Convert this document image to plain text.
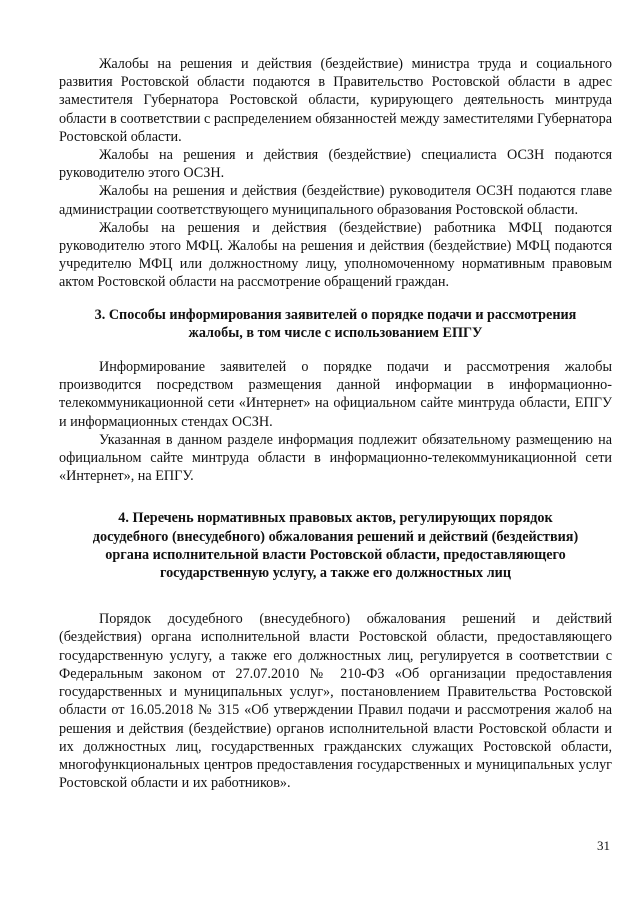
Жалобы на решения и действия (бездействие) министра труда и социального развития Ростовской области подаются в Правительство Ростовской области в адрес заместителя Губернатора Ростовской области, курирующего деятельность минтруда области в соответствии с распределением обязанностей между заместителями Губернатора Ростовской области.

Жалобы на решения и действия (бездействие) специалиста ОСЗН подаются руководителю этого ОСЗН.

Жалобы на решения и действия (бездействие) руководителя ОСЗН подаются главе администрации соответствующего муниципального образования Ростовской области.

Жалобы на решения и действия (бездействие) работника МФЦ подаются руководителю этого МФЦ. Жалобы на решения и действия (бездействие) МФЦ подаются учредителю МФЦ или должностному лицу, уполномоченному нормативным правовым актом Ростовской области на рассмотрение обращений граждан.

3. Способы информирования заявителей о порядке подачи и рассмотрения
жалобы, в том числе с использованием ЕПГУ

Информирование заявителей о порядке подачи и рассмотрения жалобы производится посредством размещения данной информации в информационно-телекоммуникационной сети «Интернет» на официальном сайте минтруда области, ЕПГУ и информационных стендах ОСЗН.

Указанная в данном разделе информация подлежит обязательному размещению на официальном сайте минтруда области в информационно-телекоммуникационной сети «Интернет», на ЕПГУ.

4. Перечень нормативных правовых актов, регулирующих порядок
досудебного (внесудебного) обжалования решений и действий (бездействия)
органа исполнительной власти Ростовской области, предоставляющего
государственную услугу, а также его должностных лиц

Порядок досудебного (внесудебного) обжалования решений и действий (бездействия) органа исполнительной власти Ростовской области, предоставляющего государственную услугу, а также его должностных лиц, регулируется в соответствии с Федеральным законом от 27.07.2010 № 210-ФЗ «Об организации предоставления государственных и муниципальных услуг», постановлением Правительства Ростовской области от 16.05.2018 № 315 «Об утверждении Правил подачи и рассмотрения жалоб на решения и действия (бездействие) органов исполнительной власти Ростовской области и их должностных лиц, государственных гражданских служащих Ростовской области, многофункциональных центров предоставления государственных и муниципальных услуг Ростовской области и их работников».

31
